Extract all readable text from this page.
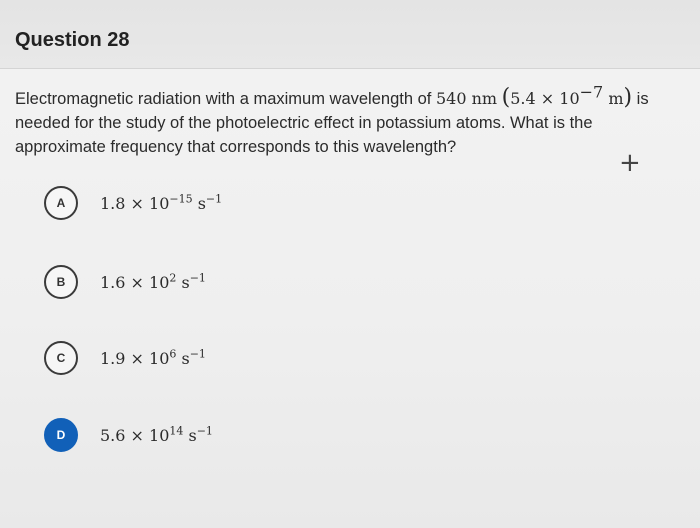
Question 28
Electromagnetic radiation with a maximum wavelength of 540 nm ($5.4 \times 10^{-7}$ m) is
needed for the study of the photoelectric effect in potassium atoms. What is the
approximate frequency that corresponds to this wavelength?
+
A	$1.8 \times 10^{-15}$ $s^{-1}$
B	$1.6 \times 10^2$ $s^{-1}$
C	$1.9 \times 10^6$ $s^{-1}$
D	$5.6 \times 10^{14}$ $s^{-1}$
